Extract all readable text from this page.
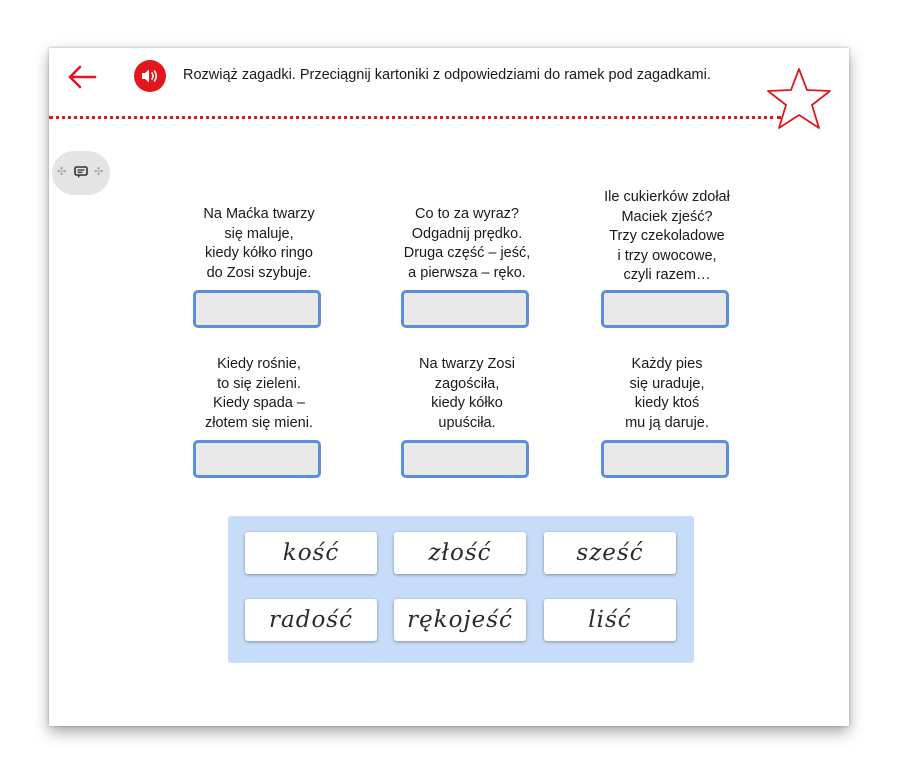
Rozwiąż zagadki. Przeciągnij kartoniki z odpowiedziami do ramek pod zagadkami.
✣	✣
Na Maćka twarzy
się maluje,
kiedy kółko ringo
do Zosi szybuje.
Co to za wyraz?
Odgadnij prędko.
Druga część – jeść,
a pierwsza – ręko.
Ile cukierków zdołał
Maciek zjeść?
Trzy czekoladowe
i trzy owocowe,
czyli razem…
Kiedy rośnie,
to się zieleni.
Kiedy spada –
złotem się mieni.
Na twarzy Zosi
zagościła,
kiedy kółko
upuściła.
Każdy pies
się uraduje,
kiedy ktoś
mu ją daruje.
kość	złość	sześć
radość rękojeść	liść
